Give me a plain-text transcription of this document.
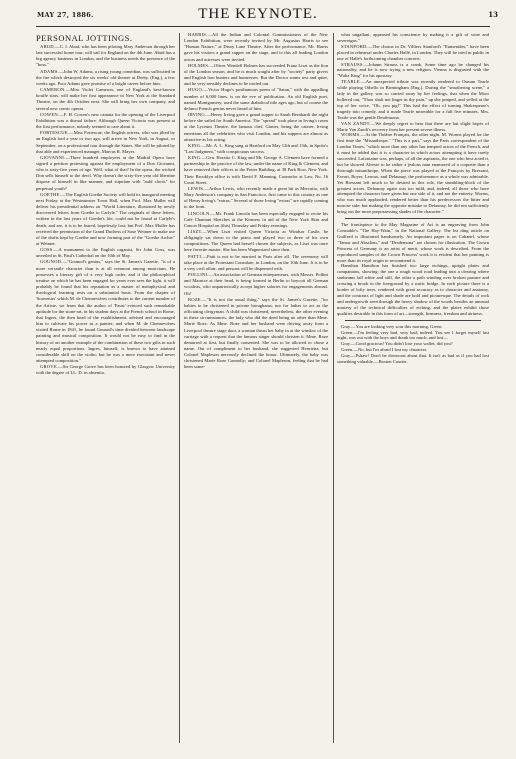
MAY 27, 1886.	THE KEYNOTE.	13

PERSONAL JOTTINGS.

ABUD.—C. I. Abud, who has been piloting Mary Anderson through her late successful home tour, will sail for England on the 4th June. Abud has a big agency business in London, and the business needs the presence of the "boss."

ADAMS.—John W. Adams, a rising young comedian, was suffocated in the fire which destroyed the six weeks' old theatre at Derby, (Eng.), a few weeks ago. Poor Adams gave promise of a bright career before him.

CAMERON.—Miss Violet Cameron, one of England's best-known bouffe stars, will make her first appearance in New York at the Standard Theatre, on the 4th October next. She will bring her own company, and several new comic operas.

COWEN.—F. H. Cowen's new cantata for the opening of the Liverpool Exhibition was a dismal failure. Although Queen Victoria was present at the first performance, nobody seemed to care about it.

FORTESCUE.—Miss Fortescue, the English actress, who was jilted by an English lord a year or two ago, will arrive in New York, in August, or September, on a professional tour through the States. She will be piloted by that able and experienced manager, Marcus R. Mayer.

GIOVANNI.—Three hundred employees at the Madrid Opera have signed a petition protesting against the employment of a Don Giovanni, who is sixty-five years of age. Well, what of that? In the opera, the wicked Don sells himself to the devil. Why doesn't the sixty-five year old libertine dispose of himself in like manner, and stipulate with "auld cloots" for perpetual youth?

GOETHE.—The English Goethe Society will hold its inaugural meeting next Friday at the Westminster Town Hall, when Prof. Max Muller will deliver his presidential address on "World Literature, illustrated by newly discovered letters from Goethe to Carlyle." The originals of these letters, written in the last years of Goethe's life, could not be found at Carlyle's death, and are, it is to be feared, hopelessly lost; but Prof. Max Muller has received the permission of the Grand Duchess of Saxe Weimer to make use of the drafts kept by Goethe and now forming part of the "Goethe Archiv" at Weimer.

GOSS.—A monument to the English organist, Sir John Goss, was unveiled in St. Paul's Cathedral on the 10th of May.

GOUNOD.—"Gounod's genius," says the St. James's Gazette, "is of a more versatile character than is at all common among musicians. He possesses a literary gift of a very high order, and if the philosophical treatise on which he has been engaged for years ever sees the light, it will probably be found that his reputation as a master of metaphysical and theological learning rests on a substantial basis. From the chapter of 'Souvenirs' which M. de Chennevières contributes to the current number of the Artiste, we learn that the author of 'Faust' evinced such remarkable aptitude for the stone-art, in his student days at the French school in Rome, that Ingres, the then head of the establishment, advised and encouraged him to cultivate his power as a painter; and when M. de Chennevières visited Rome in 1841, he found Gounod's time divided between landscape painting and musical composition. It would not be easy to find in the history of art another example of the combination of these two gifts in such nearly equal proportions. Ingres, himself, is known to have attained considerable skill on the violin; but he was a mere executant and never attempted composition."

GROVE.—Sir George Grove has been honored by Glasgow University with the degree of LL. D. in absentia.

HARRIS.—All the Indian and Colonial Commissioners of the New London Exhibition, were recently invited by Mr. Augustus Harris to see "Human Nature," at Drury Lane Theatre. After the performance, Mr. Harris gave his visitors a grand supper on the stage, and to this all leading London actors and actresses were invited.

HOLMES.—Oliver Wendell Holmes has succeeded Franz Liszt as the lion of the London season, and he is much sought after by "society" party givers and English lion hunters and huntresses. But the Doctor wants rest and quiet, and he very sensibly declines to be trotted out.

HUGO.—Victor Hugo's posthumous poem of "Satan," with the appalling number of 6,000 lines, is on the eve of publication. An old English poet, named Montgomery, used the same diabolical title ages ago, but of course the defunct French genius never heard of him.

IRVING.—Henry Irving gave a grand supper to Sarah Bernhardt the night before she sailed for South America. The "spread" took place in Irving's room at the Lyceum Theatre, the famous chef, Gunter, being the caterer. Irving entertains all the celebrities who visit London, and his suppers are almost as attractive as his acting.

KING.—Mr. A. L. King sang at Hartford on May 12th and 13th, in Spohr's "Last Judgment," with conspicuous success.

KING.—Gen. Horatio C. King and Mr. George A. Clement have formed a partnership in the practice of the law, under the name of King & Clement, and have removed their offices to the Potter Building, at 38 Park Row, New York. Their Brooklyn office is with David F. Manning, Counselor at Law, No. 16 Court Street.

LEWIS.—Arthur Lewis, who recently made a great hit as Mercutio, with Mary Anderson's company in San Francisco, first came to this country as one of Henry Irving's "extras." Several of those Irving "extras" are rapidly coming to the front.

LINCOLN.—Mr. Frank Lincoln has been especially engaged to recite his Café Chantant Sketches at the Kirmess in aid of the New York Skin and Cancer Hospital on (this) Thursday and Friday evenings.

LISZT.—When Liszt visited Queen Victoria at Windsor Castle, he obligingly sat down to the piano and played two or three of his own compositions. The Queen had herself chosen the subjects, as Liszt was once here favorite master. She has been Wagnerized since then.

PATTI.—Patti is not to be married in Paris after all. The ceremony will take place at the Protestant Consulate, in London, on the 10th June. It is to be a very civil affair, and persons will be dispensed with.

POLLINI.—An association of German entrepreneurs, with Messrs. Pollini and Maurice at their head, is being formed in Berlin to boycott all German vocalists, who unpatriotically accept higher salaries for engagements abroad. Oh!

ROZE.—"It is not the usual thing," says the St. James's Gazette, "for babies to be christened in private broughams, nor for ladies to act as the officiating clergyman. A child was christened, nevertheless, the other evening in these circumstances, the lady who did the deed being no other than Mme. Marie Roze. As Mme. Roze and her husband were driving away from a Liverpool theatre stage door, a woman thrust her baby in at the window of the carriage with a request that the famous singer should christen it. Mme. Roze demurred at first, but finally consented. She was to be allowed to chose a name. Out of compliment to her husband, she suggested Henrietta, but Colonel Mapleson nervously declined the honor. Ultimately, the baby was christened Marie Roze Connolly; and Colonel Mapleson, feeling that he had been some-

what ungallant, appeased his conscience by making it a gift of wine and sovereigns."

STANFORD.—The chorus in Dr. Villiers Stanford's "Eumenides," have been placed in rehearsal under Charles Hallé, in London. They will be tried in public in one of Hallé's forthcoming chamber concerts.

STRAUSS.—Johann Strauss is a crank. Some time ago he changed his nationality, and he is now trying a new religion. Vienna is disgusted with the "Waltz King" for his apostasy.

TEARLE.—An unexpected tribute was recently rendered to Osmun Tearle while playing Othello in Birmingham (Eng.). During the "smothering scene," a lady in the gallery was so carried away by her feelings, that when the Moor hollered out, "Thou shalt not linger in thy pain," up she jumped, and yelled at the top of her voice, "Oh, you pig!" This had the effect of turning Shakespeare's tragedy into comedy, and it made Tearle miserable for a full five minutes. Mrs. Tearle was the gentle Desdemona.

VAN ZANDT.—We deeply regret to hear that there are but slight hopes of Marie Van Zandt's recovery from her present severe illness.

WORMS.—At the Théâtre Français, the other night, M. Worms played for the first time the "Misanthrope." "This is a part," says the Paris correspondent of the London Times, "which more than any other has tempted actors of the French, and it must be added that it is a character in which actors attempting it have rarely succeeded. Lafontaine was, perhaps, of all the aspirants, the one who best acted it, but he showed Alceste to be rather a jealous man enamored of a coquette than a thorough misanthrope. When the piece was played at the François by Bressant, Favart, Royer, Leroux, and Delaunay, the performance as a whole was admirable. Yet Bressant left much to be desired in this role, the stumbling-block of the greatest actors. Delaunay again was too mild, and, indeed, all those who have attempted the character have given but one side of it, and not the entirety. Worms, who was much applauded, rendered better than his predecessors the bitter and morose side; but making the opposite mistake to Delaunay, he did not sufficiently bring out the more prepossessing shades of the character."

The frontispiece to the May Magazine of Art is an engraving from John Constable's "The Hay-Wain," in the National Gallery. The lea ding article on Guilford is illustrated handsomely. An important paper is on Cabanel, whose "Tamar and Absalom," and "Desdemona" are chosen for illustration. The Crown Princess of Germany is an artist of merit, whose work is described. From the reproduced samples of the Crown Princess' work it is evident that her painting is more than its royal origin to recommend it.

Hamilton Hamilton has finished two large etchings, upright plates and companions, showing: the one a rough wood road leading into a clearing where sunbeams fall white and still, the other a path winding over broken pasture and crossing a brook in the foreground by a rustic bridge. In each picture there is a border of lofty trees, rendered with great accuracy as to character and anatomy, and the contrasts of light and shade are bold and picturesque. The details of rock and undergrowth seen through the heavy shadow of the woods besides an unusual mastery of the technical difficulties of etching, and the plates exhibit those qualities desirable in this form of art—strength, firmness, freedom and airiness.

Gray.—You are looking very sour this morning, Green.

Green.—I'm feeling very bad, very bad, indeed. You see I forget myself last night, was out with the boys and drank too much, and lost—

Gray.—Good gracious! You didn't lose your wallet, did you?

Green.—No, but I'm afraid I lost my character.

Gray.—Pshaw! Don't be downcast about that. It isn't as bad as if you had lost something valuable.—Boston Courier.
